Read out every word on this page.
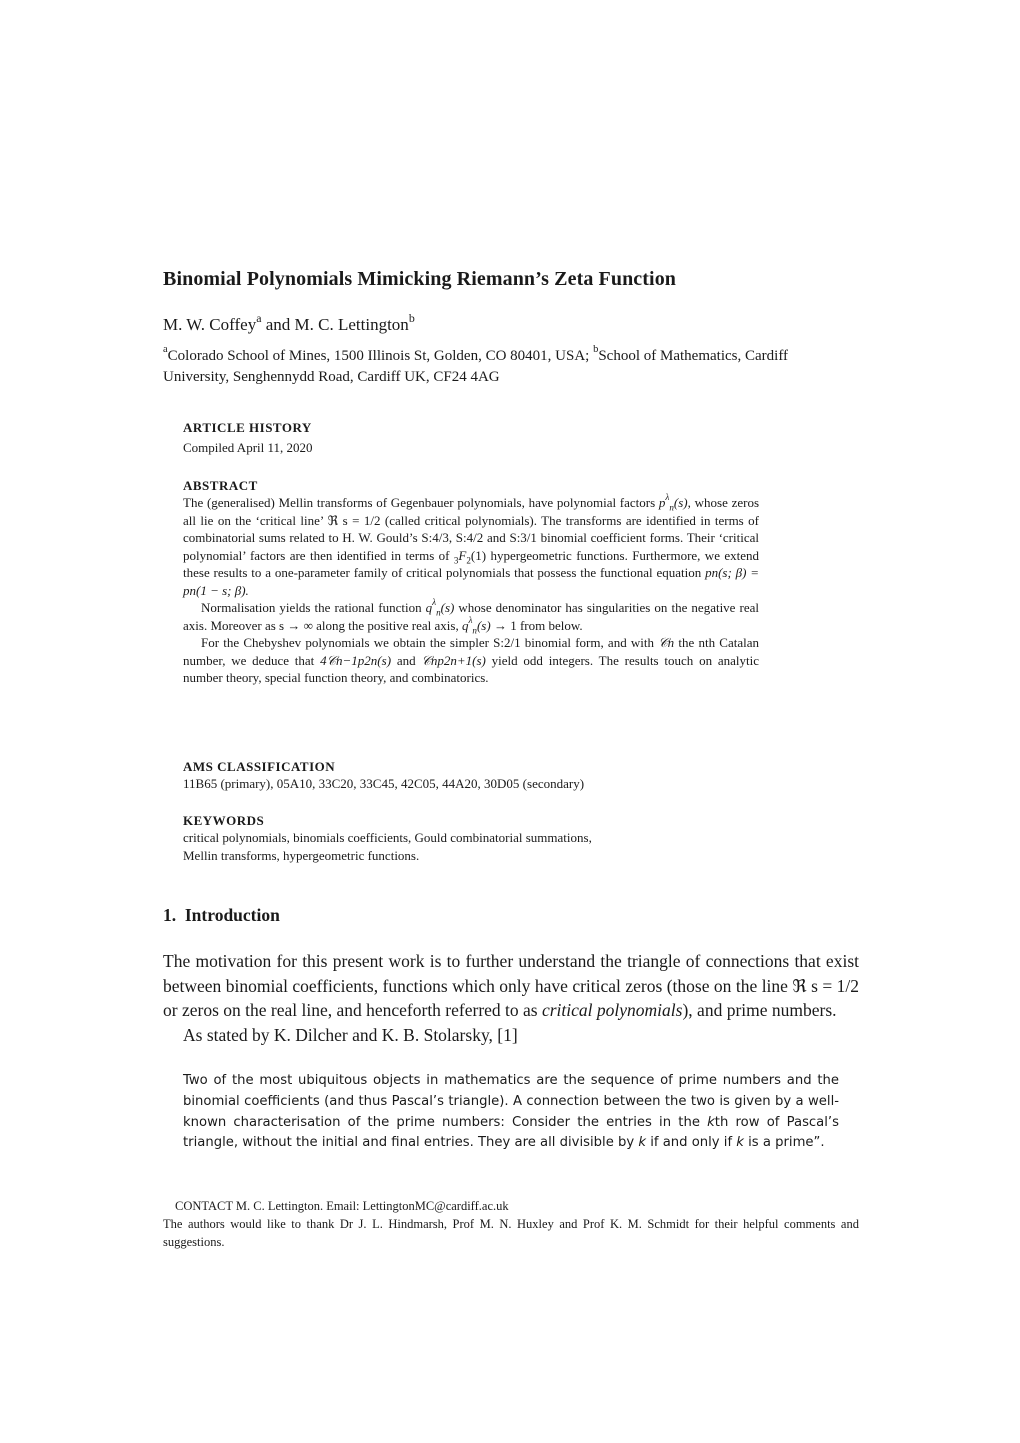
Binomial Polynomials Mimicking Riemann’s Zeta Function
M. W. Coffey$^a$ and M. C. Lettington$^b$
$^a$Colorado School of Mines, 1500 Illinois St, Golden, CO 80401, USA; $^b$School of Mathematics, Cardiff University, Senghennydd Road, Cardiff UK, CF24 4AG
ARTICLE HISTORY
Compiled April 11, 2020
ABSTRACT
The (generalised) Mellin transforms of Gegenbauer polynomials, have polynomial factors $p^\lambda_n(s)$, whose zeros all lie on the ‘critical line’ ℜ s = 1/2 (called critical polynomials). The transforms are identified in terms of combinatorial sums related to H. W. Gould’s S:4/3, S:4/2 and S:3/1 binomial coefficient forms. Their ‘critical polynomial’ factors are then identified in terms of $_3F_2(1)$ hypergeometric functions. Furthermore, we extend these results to a one-parameter family of critical polynomials that possess the functional equation pn(s; β) = pn(1 − s; β).
Normalisation yields the rational function $q^\lambda_n(s)$ whose denominator has singularities on the negative real axis. Moreover as s → ∞ along the positive real axis, $q^\lambda_n(s) \to 1$ from below.
For the Chebyshev polynomials we obtain the simpler S:2/1 binomial form, and with 𝒞n the nth Catalan number, we deduce that 4𝒞n−1p2n(s) and 𝒞np2n+1(s) yield odd integers. The results touch on analytic number theory, special function theory, and combinatorics.
AMS CLASSIFICATION
11B65 (primary), 05A10, 33C20, 33C45, 42C05, 44A20, 30D05 (secondary)
KEYWORDS
critical polynomials, binomials coefficients, Gould combinatorial summations,
Mellin transforms, hypergeometric functions.
1. Introduction
The motivation for this present work is to further understand the triangle of connections that exist between binomial coefficients, functions which only have critical zeros (those on the line ℜ s = 1/2 or zeros on the real line, and henceforth referred to as critical polynomials), and prime numbers.
As stated by K. Dilcher and K. B. Stolarsky, [1]
Two of the most ubiquitous objects in mathematics are the sequence of prime numbers and the binomial coefficients (and thus Pascal’s triangle). A connection between the two is given by a well-known characterisation of the prime numbers: Consider the entries in the kth row of Pascal’s triangle, without the initial and final entries. They are all divisible by k if and only if k is a prime”.
CONTACT M. C. Lettington. Email: LettingtonMC@cardiff.ac.uk
The authors would like to thank Dr J. L. Hindmarsh, Prof M. N. Huxley and Prof K. M. Schmidt for their helpful comments and suggestions.
